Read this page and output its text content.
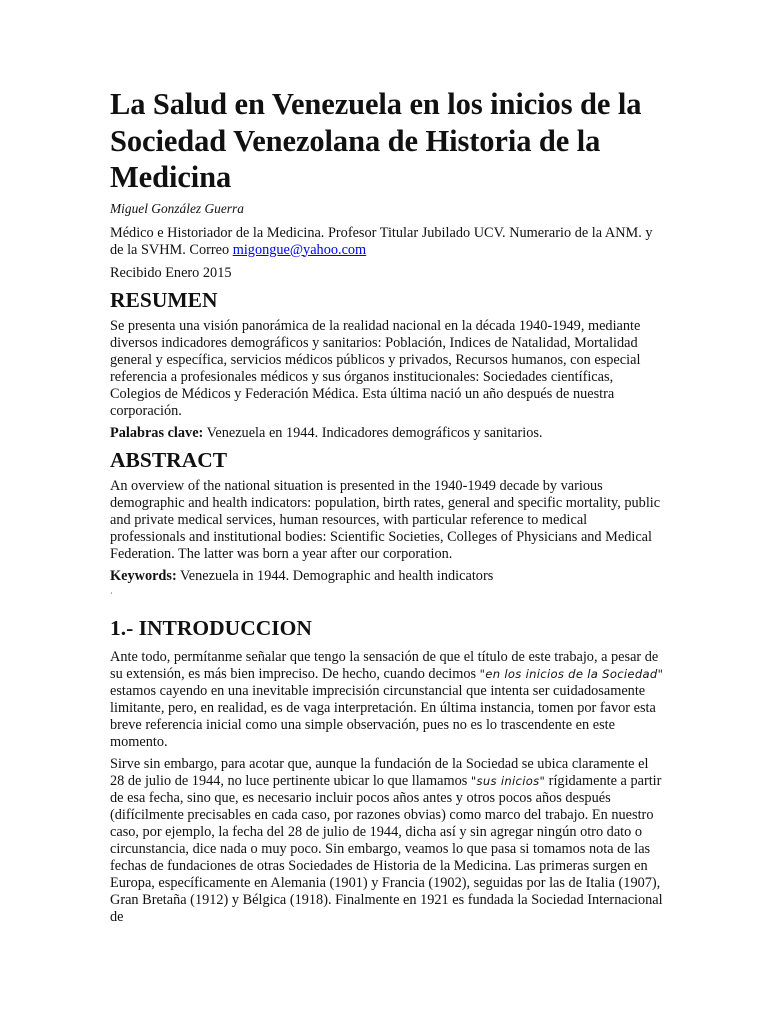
La Salud en Venezuela en los inicios de la Sociedad Venezolana de Historia de la Medicina
Miguel González Guerra

Médico e Historiador de la Medicina. Profesor Titular Jubilado UCV. Numerario de la ANM. y de la SVHM. Correo migongue@yahoo.com

Recibido Enero 2015

RESUMEN

Se presenta una visión panorámica de la realidad nacional en la década 1940-1949, mediante diversos indicadores demográficos y sanitarios: Población, Indices de Natalidad, Mortalidad general y específica, servicios médicos públicos y privados, Recursos humanos, con especial referencia a profesionales médicos y sus órganos institucionales: Sociedades científicas, Colegios de Médicos y Federación Médica. Esta última nació un año después de nuestra corporación.

Palabras clave: Venezuela en 1944. Indicadores demográficos y sanitarios.

ABSTRACT

An overview of the national situation is presented in the 1940-1949 decade by various demographic and health indicators: population, birth rates, general and specific mortality, public and private medical services, human resources, with particular reference to medical professionals and institutional bodies: Scientific Societies, Colleges of Physicians and Medical Federation. The latter was born a year after our corporation.

Keywords: Venezuela in 1944. Demographic and health indicators

·
1.- INTRODUCCION

Ante todo, permítanme señalar que tengo la sensación de que el título de este trabajo, a pesar de su extensión, es más bien impreciso. De hecho, cuando decimos "en los inicios de la Sociedad" estamos cayendo en una inevitable imprecisión circunstancial que intenta ser cuidadosamente limitante, pero, en realidad, es de vaga interpretación. En última instancia, tomen por favor esta breve referencia inicial como una simple observación, pues no es lo trascendente en este momento.

Sirve sin embargo, para acotar que, aunque la fundación de la Sociedad se ubica claramente el 28 de julio de 1944, no luce pertinente ubicar lo que llamamos "sus inicios" rígidamente a partir de esa fecha, sino que, es necesario incluir pocos años antes y otros pocos años después (difícilmente precisables en cada caso, por razones obvias) como marco del trabajo. En nuestro caso, por ejemplo, la fecha del 28 de julio de 1944, dicha así y sin agregar ningún otro dato o circunstancia, dice nada o muy poco. Sin embargo, veamos lo que pasa si tomamos nota de las fechas de fundaciones de otras Sociedades de Historia de la Medicina. Las primeras surgen en Europa, específicamente en Alemania (1901) y Francia (1902), seguidas por las de Italia (1907), Gran Bretaña (1912) y Bélgica (1918). Finalmente en 1921 es fundada la Sociedad Internacional de
